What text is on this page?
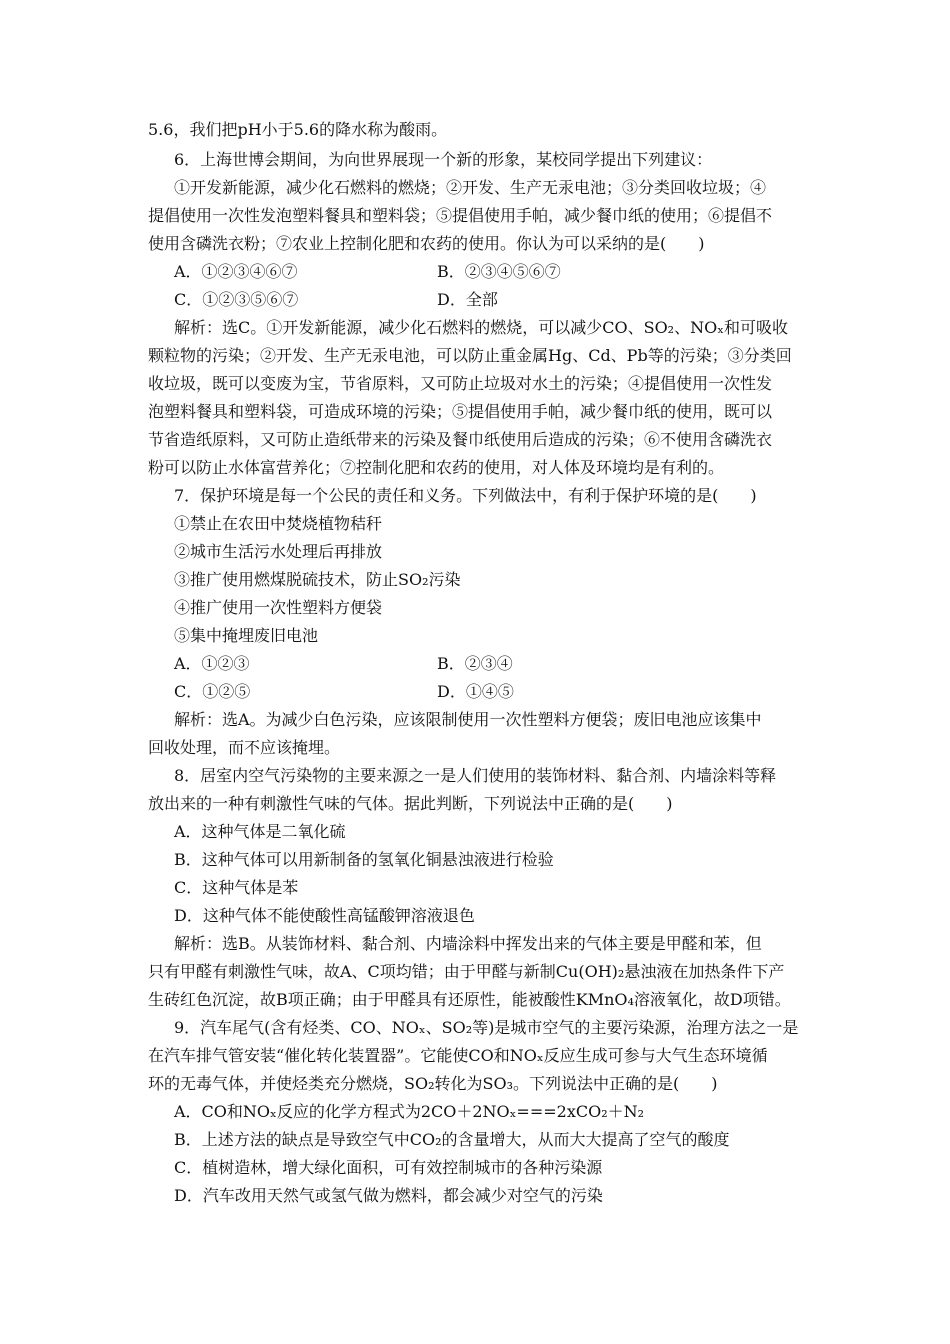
5.6，我们把pH小于5.6的降水称为酸雨。
6．上海世博会期间，为向世界展现一个新的形象，某校同学提出下列建议：
①开发新能源，减少化石燃料的燃烧；②开发、生产无汞电池；③分类回收垃圾；④
提倡使用一次性发泡塑料餐具和塑料袋；⑤提倡使用手帕，减少餐巾纸的使用；⑥提倡不
使用含磷洗衣粉；⑦农业上控制化肥和农药的使用。你认为可以采纳的是(　　)
A．①②③④⑥⑦	B．②③④⑤⑥⑦
C．①②③⑤⑥⑦	D．全部
解析：选C。①开发新能源，减少化石燃料的燃烧，可以减少CO、SO₂、NOₓ和可吸收
颗粒物的污染；②开发、生产无汞电池，可以防止重金属Hg、Cd、Pb等的污染；③分类回
收垃圾，既可以变废为宝，节省原料，又可防止垃圾对水土的污染；④提倡使用一次性发
泡塑料餐具和塑料袋，可造成环境的污染；⑤提倡使用手帕，减少餐巾纸的使用，既可以
节省造纸原料，又可防止造纸带来的污染及餐巾纸使用后造成的污染；⑥不使用含磷洗衣
粉可以防止水体富营养化；⑦控制化肥和农药的使用，对人体及环境均是有利的。
7．保护环境是每一个公民的责任和义务。下列做法中，有利于保护环境的是(　　)
①禁止在农田中焚烧植物秸秆
②城市生活污水处理后再排放
③推广使用燃煤脱硫技术，防止SO₂污染
④推广使用一次性塑料方便袋
⑤集中掩埋废旧电池
A．①②③	B．②③④
C．①②⑤	D．①④⑤
解析：选A。为减少白色污染，应该限制使用一次性塑料方便袋；废旧电池应该集中
回收处理，而不应该掩埋。
8．居室内空气污染物的主要来源之一是人们使用的装饰材料、黏合剂、内墙涂料等释
放出来的一种有刺激性气味的气体。据此判断，下列说法中正确的是(　　)
A．这种气体是二氧化硫
B．这种气体可以用新制备的氢氧化铜悬浊液进行检验
C．这种气体是苯
D．这种气体不能使酸性高锰酸钾溶液退色
解析：选B。从装饰材料、黏合剂、内墙涂料中挥发出来的气体主要是甲醛和苯，但
只有甲醛有刺激性气味，故A、C项均错；由于甲醛与新制Cu(OH)₂悬浊液在加热条件下产
生砖红色沉淀，故B项正确；由于甲醛具有还原性，能被酸性KMnO₄溶液氧化，故D项错。
9．汽车尾气(含有烃类、CO、NOₓ、SO₂等)是城市空气的主要污染源，治理方法之一是
在汽车排气管安装“催化转化装置器”。它能使CO和NOₓ反应生成可参与大气生态环境循
环的无毒气体，并使烃类充分燃烧，SO₂转化为SO₃。下列说法中正确的是(　　)
A．CO和NOₓ反应的化学方程式为2CO＋2NOₓ===2xCO₂＋N₂
B．上述方法的缺点是导致空气中CO₂的含量增大，从而大大提高了空气的酸度
C．植树造林，增大绿化面积，可有效控制城市的各种污染源
D．汽车改用天然气或氢气做为燃料，都会减少对空气的污染
